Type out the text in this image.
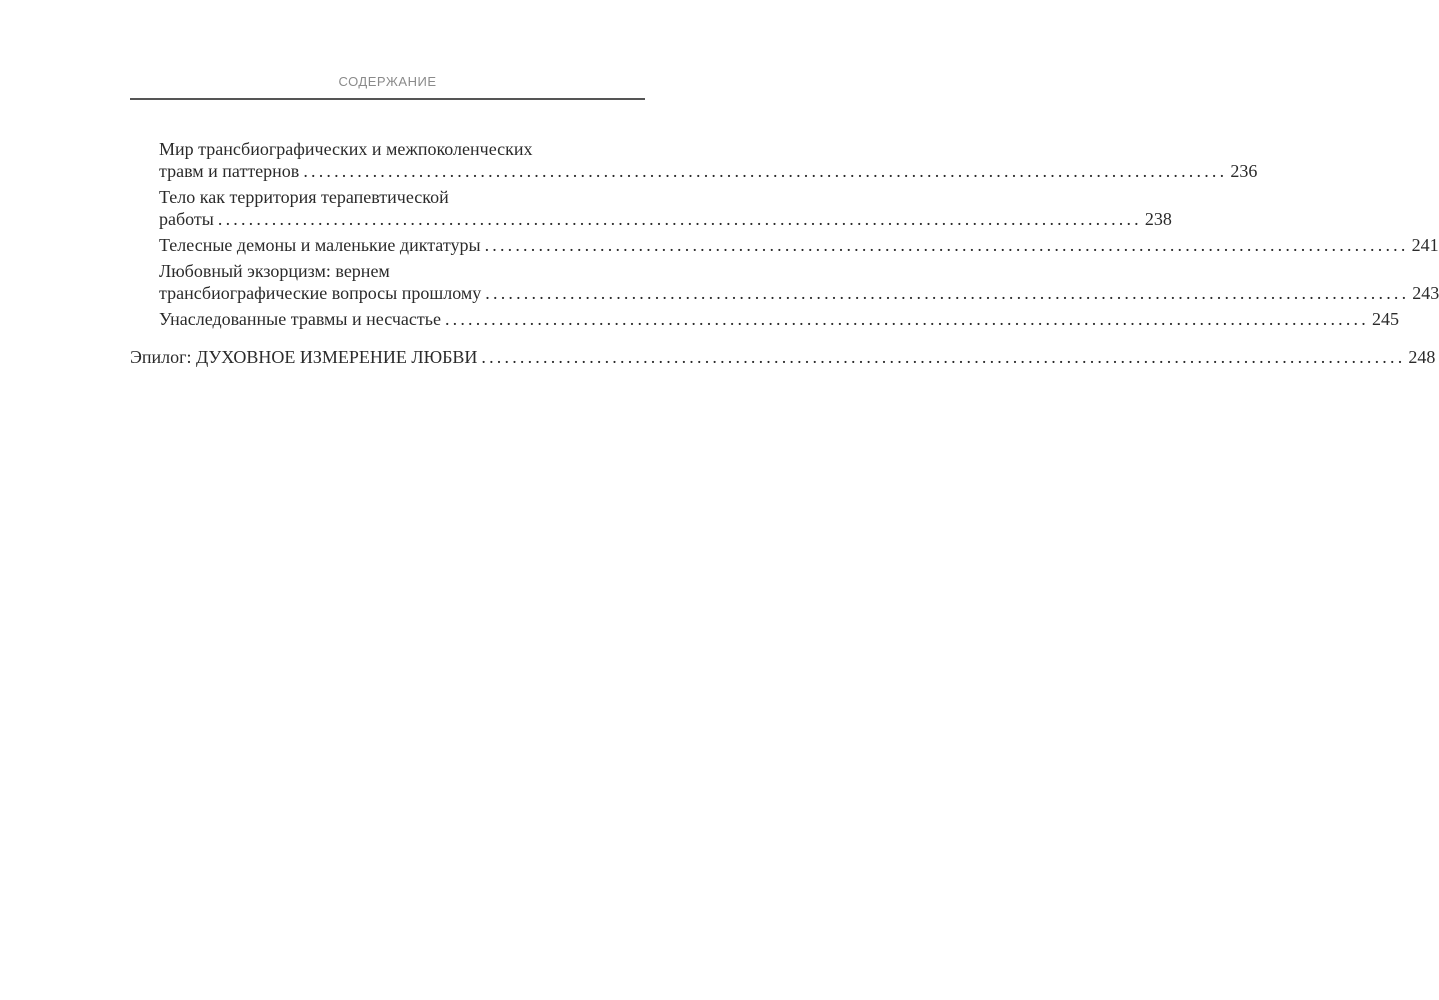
СОДЕРЖАНИЕ
Мир трансбиографических и межпоколенческих
травм и паттернов ........................................................................................................................ 236
Тело как территория терапевтической
работы ........................................................................................................................ 238
Телесные демоны и маленькие диктатуры ........................................................................................................................ 241
Любовный экзорцизм: вернем
трансбиографические вопросы прошлому ........................................................................................................................ 243
Унаследованные травмы и несчастье ........................................................................................................................ 245
Эпилог: ДУХОВНОЕ ИЗМЕРЕНИЕ ЛЮБВИ ........................................................................................................................ 248
